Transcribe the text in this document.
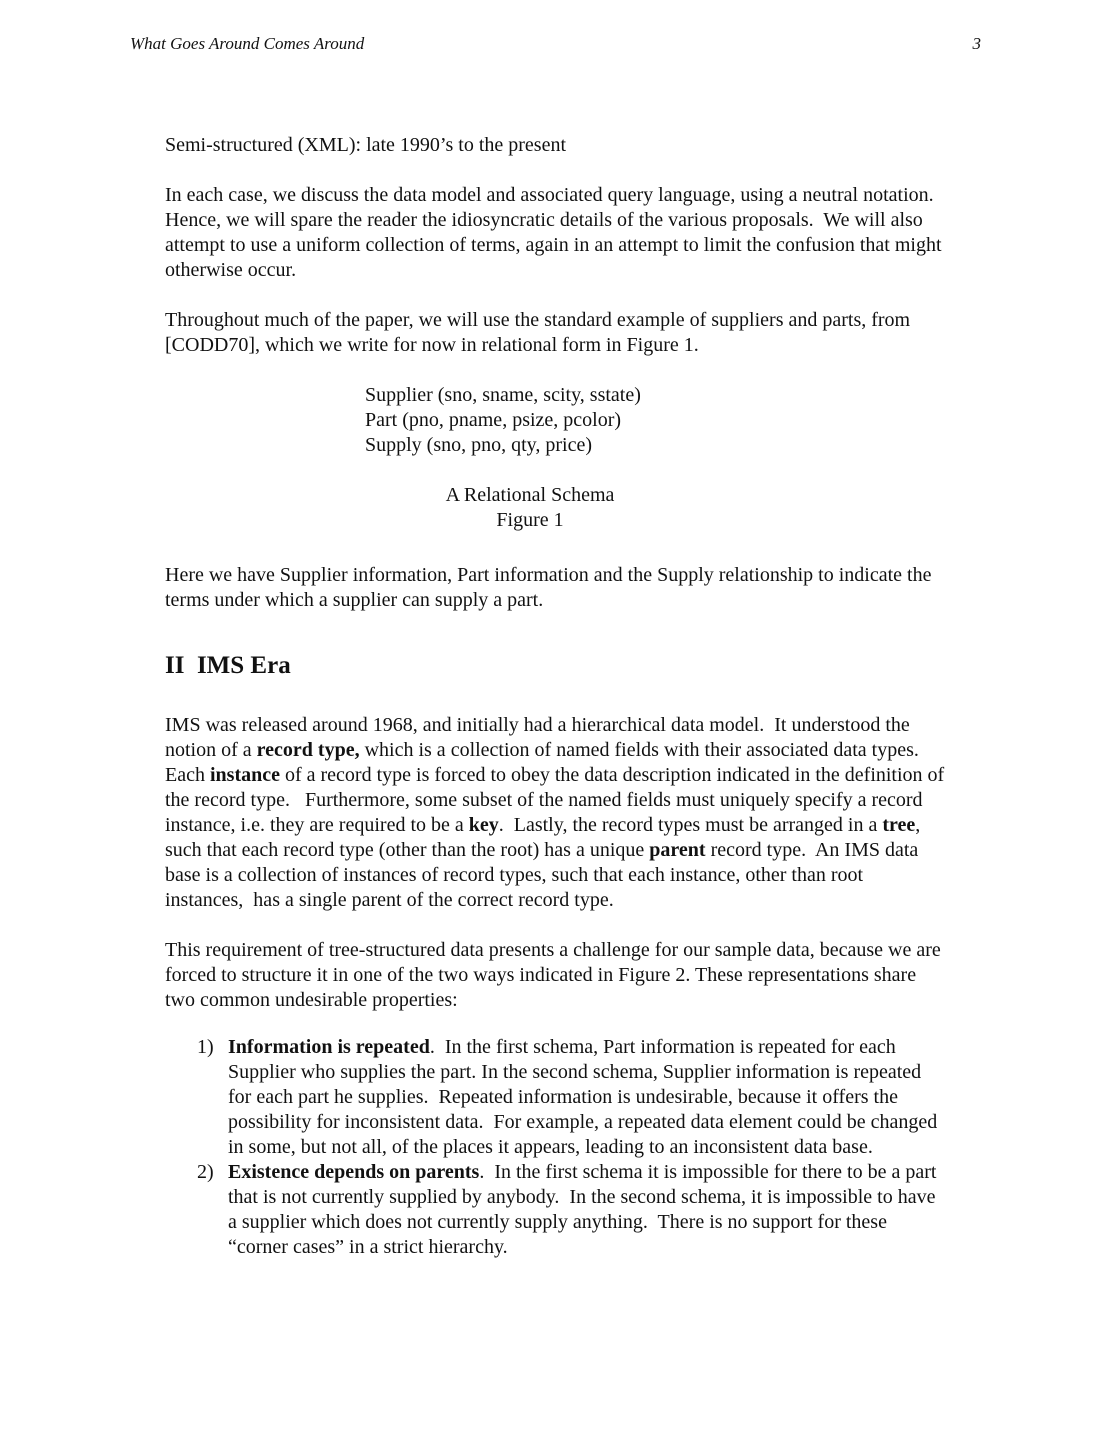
What Goes Around Comes Around	3

Semi-structured (XML): late 1990’s to the present

In each case, we discuss the data model and associated query language, using a neutral notation.  Hence, we will spare the reader the idiosyncratic details of the various proposals.  We will also attempt to use a uniform collection of terms, again in an attempt to limit the confusion that might otherwise occur.

Throughout much of the paper, we will use the standard example of suppliers and parts, from [CODD70], which we write for now in relational form in Figure 1.

Supplier (sno, sname, scity, sstate)
Part (pno, pname, psize, pcolor)
Supply (sno, pno, qty, price)
A Relational Schema
Figure 1

Here we have Supplier information, Part information and the Supply relationship to indicate the terms under which a supplier can supply a part.

II  IMS Era

IMS was released around 1968, and initially had a hierarchical data model.  It understood the notion of a record type, which is a collection of named fields with their associated data types.  Each instance of a record type is forced to obey the data description indicated in the definition of the record type.   Furthermore, some subset of the named fields must uniquely specify a record instance, i.e. they are required to be a key.  Lastly, the record types must be arranged in a tree, such that each record type (other than the root) has a unique parent record type.  An IMS data base is a collection of instances of record types, such that each instance, other than root instances,  has a single parent of the correct record type.

This requirement of tree-structured data presents a challenge for our sample data, because we are forced to structure it in one of the two ways indicated in Figure 2. These representations share two common undesirable properties:

1) Information is repeated.  In the first schema, Part information is repeated for each Supplier who supplies the part. In the second schema, Supplier information is repeated for each part he supplies.  Repeated information is undesirable, because it offers the possibility for inconsistent data.  For example, a repeated data element could be changed in some, but not all, of the places it appears, leading to an inconsistent data base.
2) Existence depends on parents.  In the first schema it is impossible for there to be a part that is not currently supplied by anybody.  In the second schema, it is impossible to have a supplier which does not currently supply anything.  There is no support for these “corner cases” in a strict hierarchy.
